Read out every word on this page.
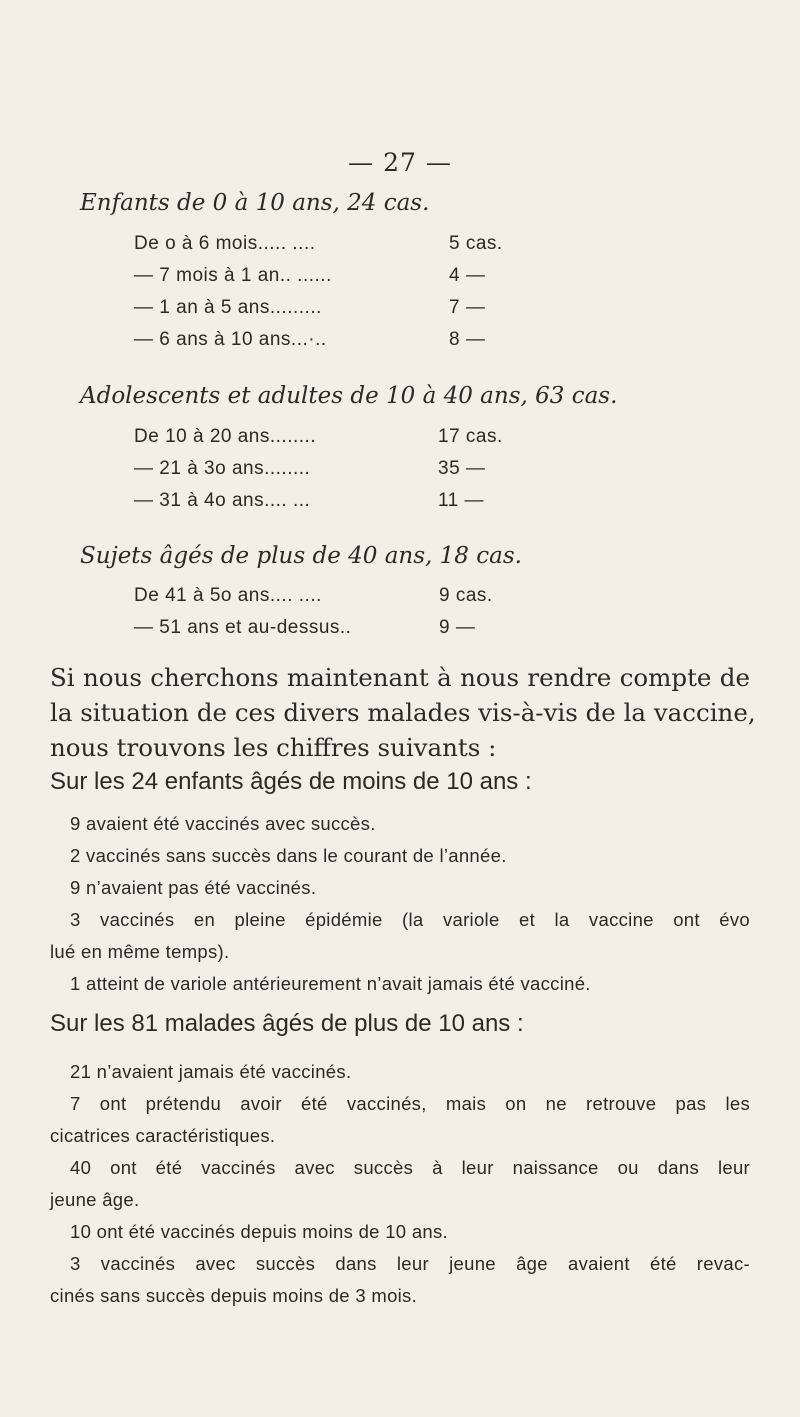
— 27 —
Enfants de 0 à 10 ans, 24 cas.
De o à 6 mois..... ....	5 cas.
— 7 mois à 1 an.. ......	4 —
— 1 an à 5 ans.........	7 —
— 6 ans à 10 ans...·..	8 —
Adolescents et adultes de 10 à 40 ans, 63 cas.
De 10 à 20 ans........	17 cas.
— 21 à 3o ans........	35 —
— 31 à 4o ans.... ...	11 —
Sujets âgés de plus de 40 ans, 18 cas.
De 41 à 5o ans.... ....	9 cas.
— 51 ans et au-dessus..	9 —
Si nous cherchons maintenant à nous rendre compte de
la situation de ces divers malades vis-à-vis de la vaccine,
nous trouvons les chiffres suivants :
Sur les 24 enfants âgés de moins de 10 ans :
9 avaient été vaccinés avec succès.
2 vaccinés sans succès dans le courant de l’année.
9 n’avaient pas été vaccinés.
3 vaccinés en pleine épidémie (la variole et la vaccine ont évo
lué en même temps).
1 atteint de variole antérieurement n’avait jamais été vacciné.
Sur les 81 malades âgés de plus de 10 ans :
21 n’avaient jamais été vaccinés.
7 ont prétendu avoir été vaccinés, mais on ne retrouve pas les
cicatrices caractéristiques.
40 ont été vaccinés avec succès à leur naissance ou dans leur
jeune âge.
10 ont été vaccinés depuis moins de 10 ans.
3 vaccinés avec succès dans leur jeune âge avaient été revac-
cinés sans succès depuis moins de 3 mois.
